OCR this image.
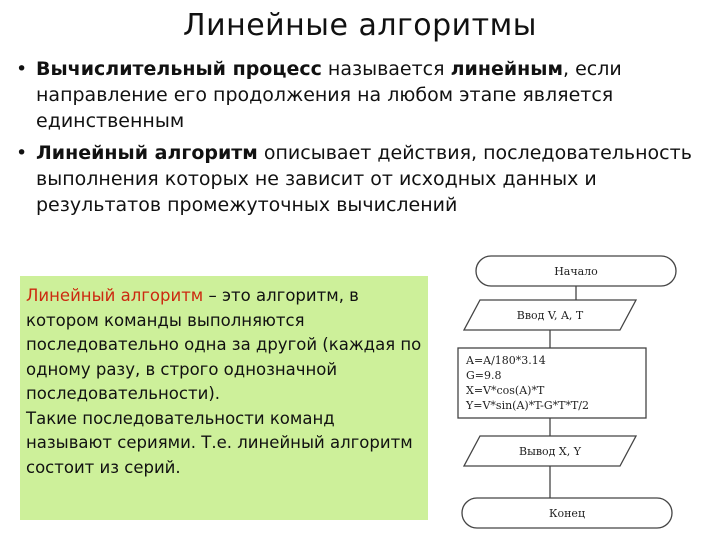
Линейные алгоритмы
• Вычислительный процесс называется линейным, если направление его продолжения на любом этапе является единственным
• Линейный алгоритм описывает действия, последовательность выполнения которых не зависит от исходных данных и результатов промежуточных вычислений
Линейный алгоритм – это алгоритм, в котором команды выполняются последовательно одна за другой (каждая по одному разу, в строго однозначной последовательности).
Такие последовательности команд называют сериями. Т.е. линейный алгоритм состоит из серий.
Начало
Ввод V, A, T
A=A/180*3.14
G=9.8
X=V*cos(A)*T
Y=V*sin(A)*T-G*T*T/2
Вывод X, Y
Конец
